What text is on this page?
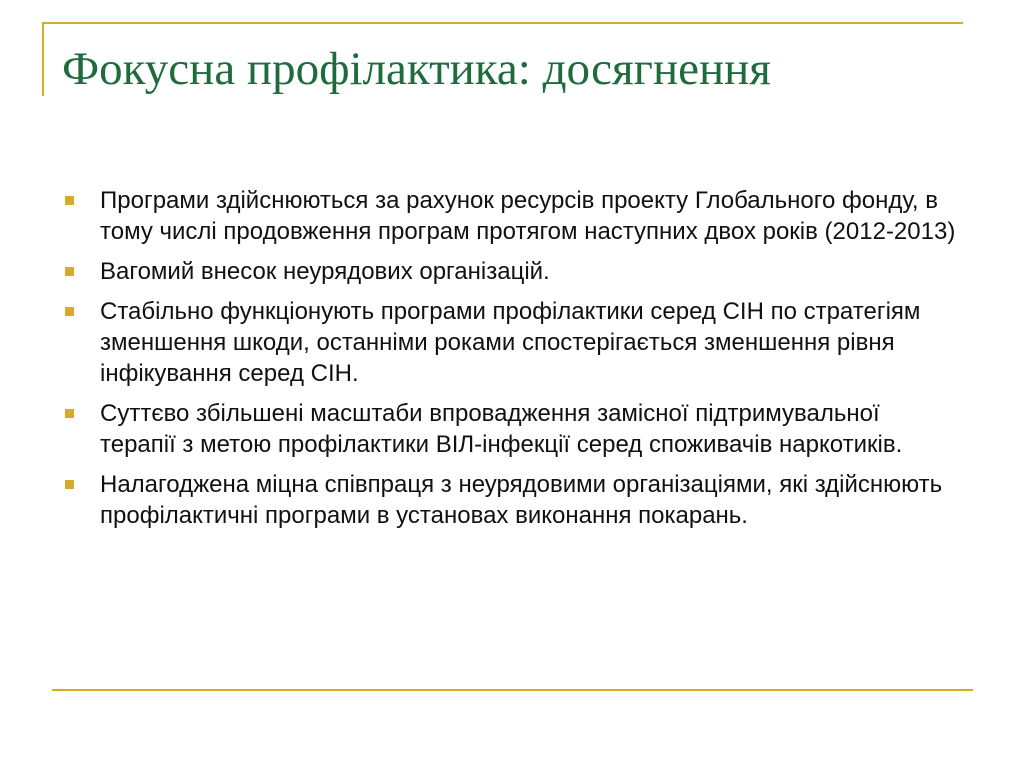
Фокусна профілактика: досягнення
Програми здійснюються за рахунок ресурсів проекту Глобального фонду, в тому числі продовження програм протягом наступних двох років (2012-2013)
Вагомий внесок неурядових організацій.
Стабільно функціонують програми профілактики серед СІН по стратегіям зменшення шкоди, останніми роками спостерігається зменшення рівня інфікування серед СІН.
Суттєво збільшені масштаби впровадження замісної підтримувальної терапії з метою профілактики ВІЛ-інфекції серед споживачів наркотиків.
Налагоджена міцна співпраця з неурядовими організаціями, які здійснюють профілактичні програми в установах виконання покарань.
